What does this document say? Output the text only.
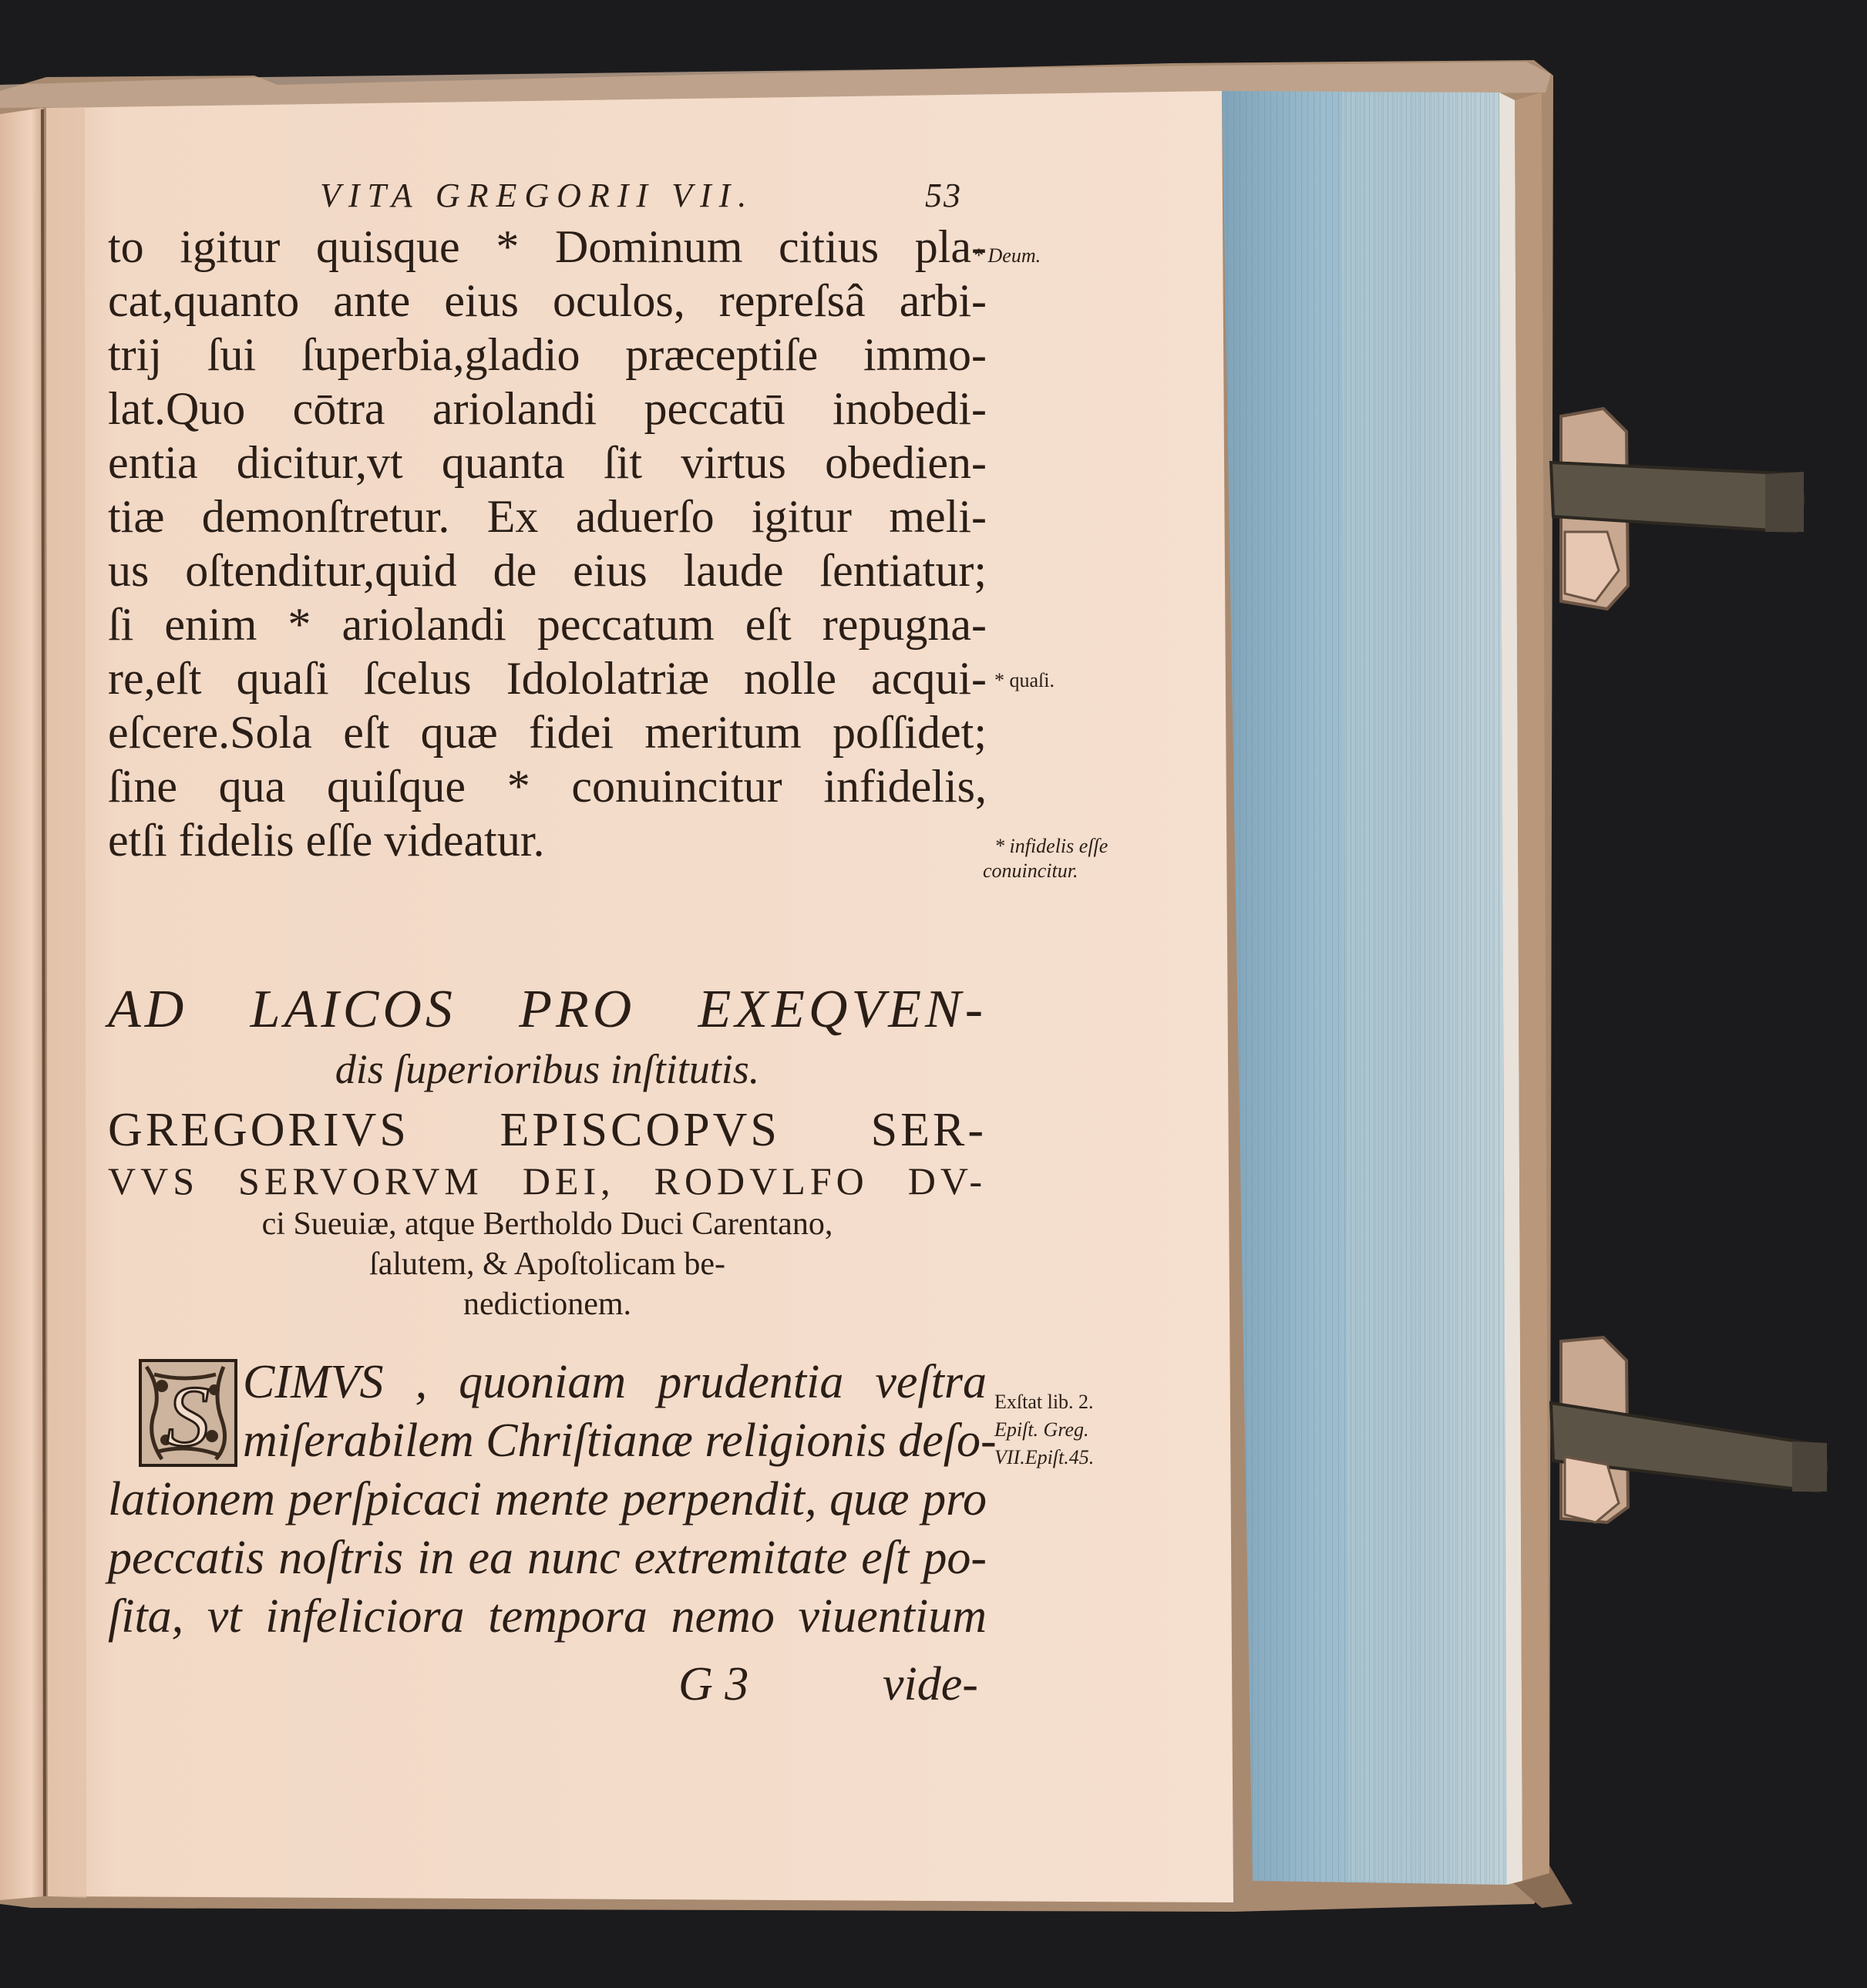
VITA GREGORII VII.	53
to igitur quisque * Dominum citius pla-
cat,quanto ante eius oculos, repreſsâ arbi-
trij ſui ſuperbia,gladio præceptiſe immo-
lat.Quo cōtra ariolandi peccatū inobedi-
entia dicitur,vt quanta ſit virtus obedien-
tiæ demonſtretur. Ex aduerſo igitur meli-
us oſtenditur,quid de eius laude ſentiatur;
ſi enim * ariolandi peccatum eſt repugna-
re,eſt quaſi ſcelus Idololatriæ nolle acqui-
eſcere.Sola eſt quæ fidei meritum poſſidet;
ſine qua quiſque * conuincitur infidelis,
etſi fidelis eſſe videatur.
* Deum.
* quaſi.
* infidelis eſſe
conuincitur.
Exſtat lib. 2.
Epiſt. Greg.
VII.Epiſt.45.
AD LAICOS PRO EXEQVEN-
dis ſuperioribus inſtitutis.
GREGORIVS EPISCOPVS SER-
VVS SERVORVM DEI, RODVLFO DV-
ci Sueuiæ, atque Bertholdo Duci Carentano,
ſalutem, & Apoſtolicam be-
nedictionem.
S CIMVS , quoniam prudentia veſtra
miſerabilem Chriſtianæ religionis deſo-
lationem perſpicaci mente perpendit, quæ pro
peccatis noſtris in ea nunc extremitate eſt po-
ſita, vt infeliciora tempora nemo viuentium
G 3	vide-
